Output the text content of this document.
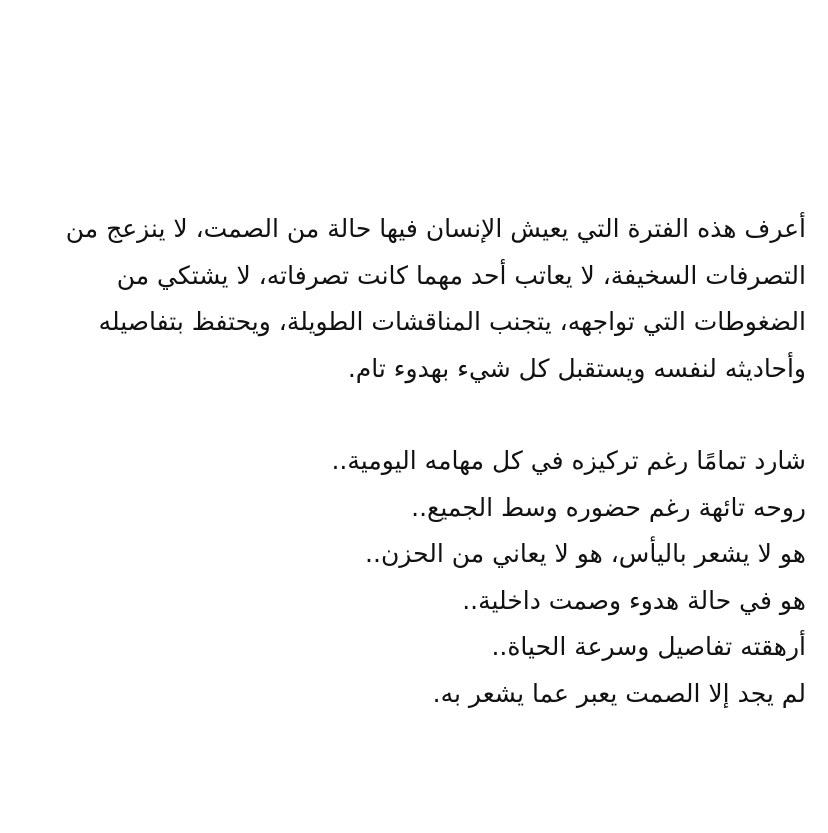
أعرف هذه الفترة التي يعيش الإنسان فيها حالة من الصمت، لا ينزعج من
التصرفات السخيفة، لا يعاتب أحد مهما كانت تصرفاته، لا يشتكي من
الضغوطات التي تواجهه، يتجنب المناقشات الطويلة، ويحتفظ بتفاصيله
وأحاديثه لنفسه ويستقبل كل شيء بهدوء تام.
شارد تمامًا رغم تركيزه في كل مهامه اليومية..
روحه تائهة رغم حضوره وسط الجميع..
هو لا يشعر باليأس، هو لا يعاني من الحزن..
هو في حالة هدوء وصمت داخلية..
أرهقته تفاصيل وسرعة الحياة..
لم يجد إلا الصمت يعبر عما يشعر به.
